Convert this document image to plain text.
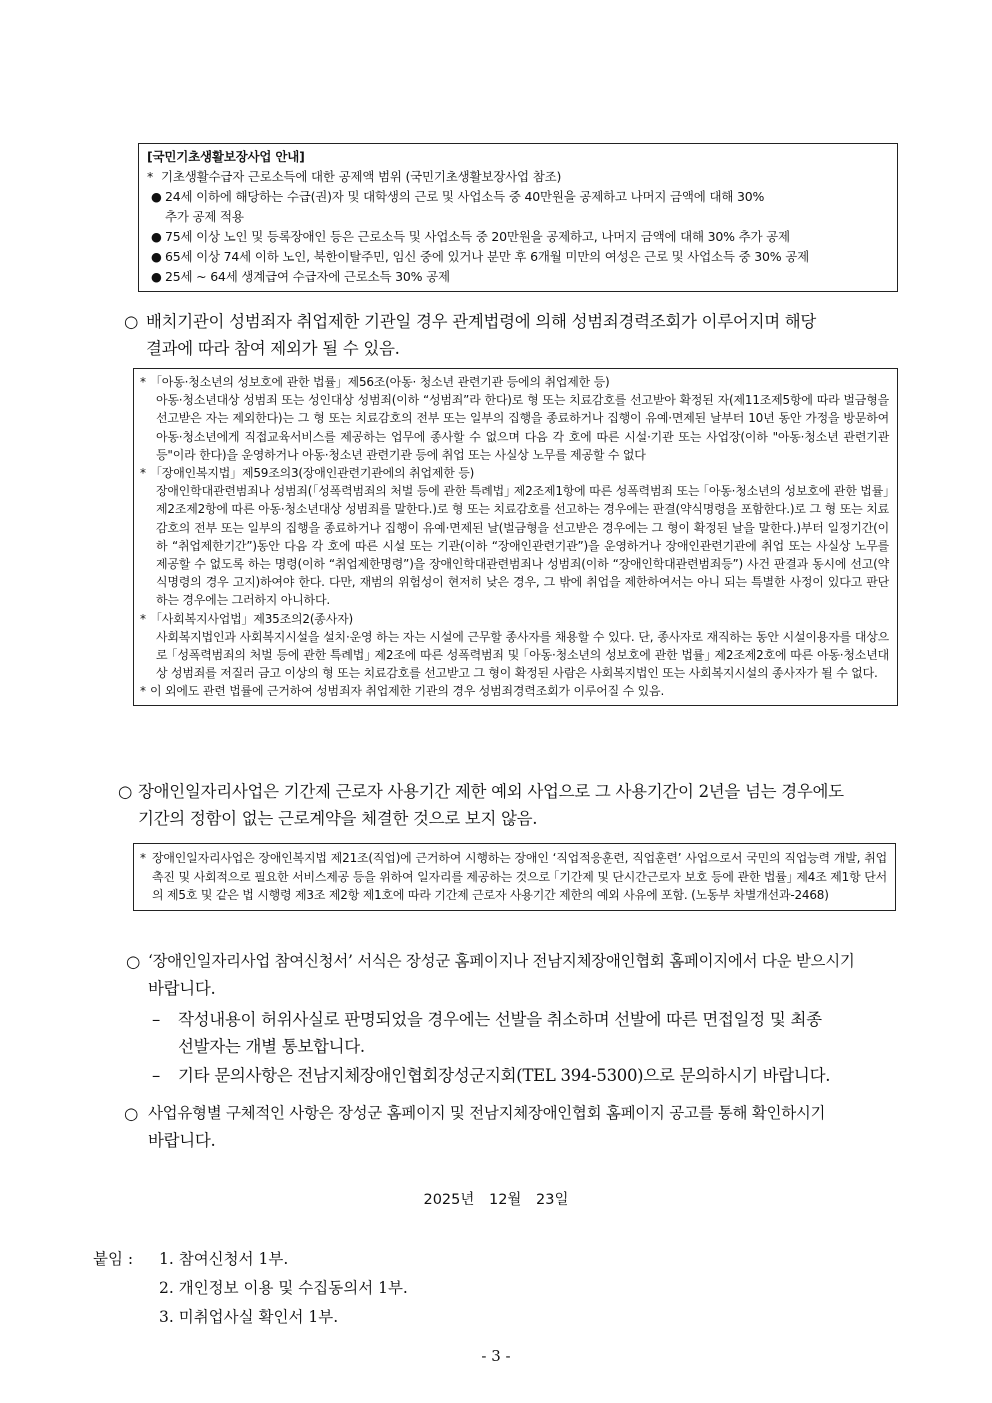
[국민기초생활보장사업 안내]
* 기초생활수급자 근로소득에 대한 공제액 범위 (국민기초생활보장사업 참조)
● 24세 이하에 해당하는 수급(권)자 및 대학생의 근로 및 사업소득 중 40만원을 공제하고 나머지 금액에 대해 30%
추가 공제 적용
● 75세 이상 노인 및 등록장애인 등은 근로소득 및 사업소득 중 20만원을 공제하고, 나머지 금액에 대해 30% 추가 공제
● 65세 이상 74세 이하 노인, 북한이탈주민, 임신 중에 있거나 분만 후 6개월 미만의 여성은 근로 및 사업소득 중 30% 공제
● 25세 ~ 64세 생계급여 수급자에 근로소득 30% 공제
○ 배치기관이 성범죄자 취업제한 기관일 경우 관계법령에 의해 성범죄경력조회가 이루어지며 해당
결과에 따라 참여 제외가 될 수 있음.
* 「아동·청소년의 성보호에 관한 법률」제56조(아동· 청소년 관련기관 등에의 취업제한 등)
아동·청소년대상 성범죄 또는 성인대상 성범죄(이하 “성범죄”라 한다)로 형 또는 치료감호를 선고받아 확정된 자(제11조제5항에 따라 벌금형을 선고받은 자는 제외한다)는 그 형 또는 치료감호의 전부 또는 일부의 집행을 종료하거나 집행이 유예·면제된 날부터 10년 동안 가정을 방문하여 아동·청소년에게 직접교육서비스를 제공하는 업무에 종사할 수 없으며 다음 각 호에 따른 시설·기관 또는 사업장(이하 "아동·청소년 관련기관 등"이라 한다)을 운영하거나 아동·청소년 관련기관 등에 취업 또는 사실상 노무를 제공할 수 없다
* 「장애인복지법」제59조의3(장애인관련기관에의 취업제한 등)
장애인학대관련범죄나 성범죄(｢성폭력범죄의 처벌 등에 관한 특례법｣ 제2조제1항에 따른 성폭력범죄 또는 ｢아동·청소년의 성보호에 관한 법률｣ 제2조제2항에 따른 아동·청소년대상 성범죄를 말한다.)로 형 또는 치료감호를 선고하는 경우에는 판결(약식명령을 포함한다.)로 그 형 또는 치료감호의 전부 또는 일부의 집행을 종료하거나 집행이 유예·면제된 날(벌금형을 선고받은 경우에는 그 형이 확정된 날을 말한다.)부터 일정기간(이하 “취업제한기간”)동안 다음 각 호에 따른 시설 또는 기관(이하 “장애인관련기관”)을 운영하거나 장애인관련기관에 취업 또는 사실상 노무를 제공할 수 없도록 하는 명령(이하 “취업제한명령”)을 장애인학대관련범죄나 성범죄(이하 “장애인학대관련범죄등”) 사건 판결과 동시에 선고(약식명령의 경우 고지)하여야 한다. 다만, 재범의 위험성이 현저히 낮은 경우, 그 밖에 취업을 제한하여서는 아니 되는 특별한 사정이 있다고 판단하는 경우에는 그러하지 아니하다.
* 「사회복지사업법」제35조의2(종사자)
사회복지법인과 사회복지시설을 설치·운영 하는 자는 시설에 근무할 종사자를 채용할 수 있다. 단, 종사자로 재직하는 동안 시설이용자를 대상으로 ｢성폭력범죄의 처벌 등에 관한 특례법｣ 제2조에 따른 성폭력범죄 및 ｢아동·청소년의 성보호에 관한 법률｣ 제2조제2호에 따른 아동·청소년대상 성범죄를 저질러 금고 이상의 형 또는 치료감호를 선고받고 그 형이 확정된 사람은 사회복지법인 또는 사회복지시설의 종사자가 될 수 없다.
* 이 외에도 관련 법률에 근거하여 성범죄자 취업제한 기관의 경우 성범죄경력조회가 이루어질 수 있음.
○ 장애인일자리사업은 기간제 근로자 사용기간 제한 예외 사업으로 그 사용기간이 2년을 넘는 경우에도
기간의 정함이 없는 근로계약을 체결한 것으로 보지 않음.
* 장애인일자리사업은 장애인복지법 제21조(직업)에 근거하여 시행하는 장애인 ‘직업적응훈련, 직업훈련’ 사업으로서 국민의 직업능력 개발, 취업촉진 및 사회적으로 필요한 서비스제공 등을 위하여 일자리를 제공하는 것으로 ｢기간제 및 단시간근로자 보호 등에 관한 법률｣ 제4조 제1항 단서의 제5호 및 같은 법 시행령 제3조 제2항 제1호에 따라 기간제 근로자 사용기간 제한의 예외 사유에 포함. (노동부 차별개선과-2468)
○ ‘장애인일자리사업 참여신청서’ 서식은 장성군 홈페이지나 전남지체장애인협회 홈페이지에서 다운 받으시기
바랍니다.
–	작성내용이 허위사실로 판명되었을 경우에는 선발을 취소하며 선발에 따른 면접일정 및 최종
선발자는 개별 통보합니다.
–	기타 문의사항은 전남지체장애인협회장성군지회(TEL 394-5300)으로 문의하시기 바랍니다.
○ 사업유형별 구체적인 사항은 장성군 홈페이지 및 전남지체장애인협회 홈페이지 공고를 통해 확인하시기
바랍니다.
2025년 12월 23일
붙임 :	1. 참여신청서 1부.
2. 개인정보 이용 및 수집동의서 1부.
3. 미취업사실 확인서 1부.
- 3 -
